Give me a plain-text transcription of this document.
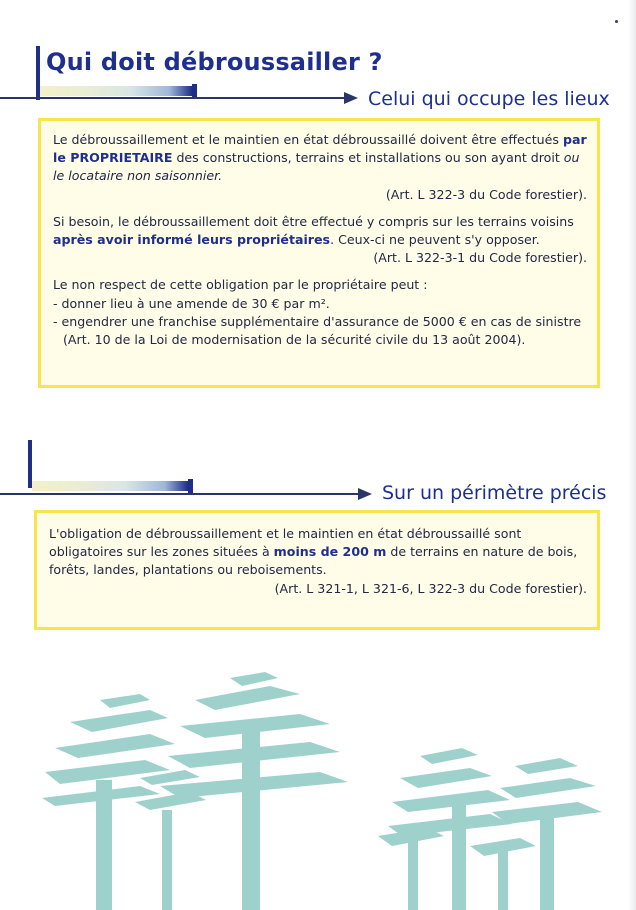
Qui doit débroussailler ?
Celui qui occupe les lieux

Le débroussaillement et le maintien en état débroussaillé doivent être effectués par le PROPRIETAIRE des constructions, terrains et installations ou son ayant droit ou le locataire non saisonnier.

(Art. L 322-3 du Code forestier).

Si besoin, le débroussaillement doit être effectué y compris sur les terrains voisins après avoir informé leurs propriétaires. Ceux-ci ne peuvent s'y opposer.

(Art. L 322-3-1 du Code forestier).

Le non respect de cette obligation par le propriétaire peut :

- donner lieu à une amende de 30 € par m².

- engendrer une franchise supplémentaire d'assurance de 5000 € en cas de sinistre

(Art. 10 de la Loi de modernisation de la sécurité civile du 13 août 2004).

Sur un périmètre précis

L'obligation de débroussaillement et le maintien en état débroussaillé sont obligatoires sur les zones situées à moins de 200 m de terrains en nature de bois, forêts, landes, plantations ou reboisements.

(Art. L 321-1, L 321-6, L 322-3 du Code forestier).
